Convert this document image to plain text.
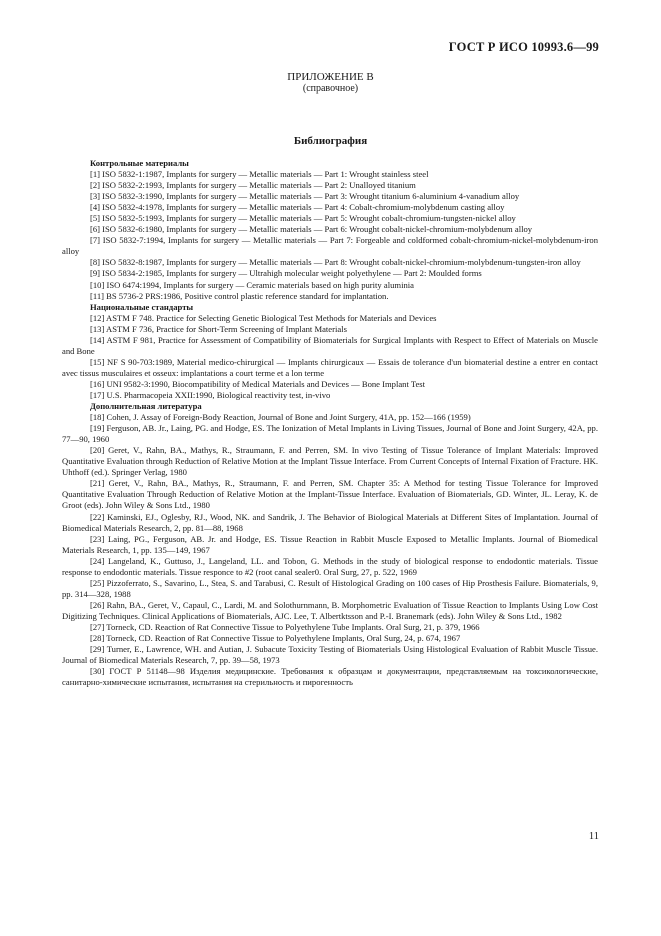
ГОСТ Р ИСО 10993.6—99
ПРИЛОЖЕНИЕ В
(справочное)
Библиография

Контрольные материалы

[1] ISO 5832-1:1987, Implants for surgery — Metallic materials — Part 1: Wrought stainless steel

[2] ISO 5832-2:1993, Implants for surgery — Metallic materials — Part 2: Unalloyed titanium

[3] ISO 5832-3:1990, Implants for surgery — Metallic materials — Part 3: Wrought titanium 6-aluminium 4-vanadium alloy

[4] ISO 5832-4:1978, Implants for surgery — Metallic materials — Part 4: Cobalt-chromium-molybdenum casting alloy

[5] ISO 5832-5:1993, Implants for surgery — Metallic materials — Part 5: Wrought cobalt-chromium-tungsten-nickel alloy

[6] ISO 5832-6:1980, Implants for surgery — Metallic materials — Part 6: Wrought cobalt-nickel-chromium-molybdenum alloy

[7] ISO 5832-7:1994, Implants for surgery — Metallic materials — Part 7: Forgeable and coldformed cobalt-chromium-nickel-molybdenum-iron alloy

[8] ISO 5832-8:1987, Implants for surgery — Metallic materials — Part 8: Wrought cobalt-nickel-chromium-molybdenum-tungsten-iron alloy

[9] ISO 5834-2:1985, Implants for surgery — Ultrahigh molecular weight polyethylene — Part 2: Moulded forms

[10] ISO 6474:1994, Implants for surgery — Ceramic materials based on high purity aluminia

[11] BS 5736-2 PRS:1986, Positive control plastic reference standard for implantation.

Национальные стандарты

[12] ASTM F 748. Practice for Selecting Genetic Biological Test Methods for Materials and Devices

[13] ASTM F 736, Practice for Short-Term Screening of Implant Materials

[14] ASTM F 981, Practice for Assessment of Compatibility of Biomaterials for Surgical Implants with Respect to Effect of Materials on Muscle and Bone

[15] NF S 90-703:1989, Material medico-chirurgical — Implants chirurgicaux — Essais de tolerance d'un biomaterial destine a entrer en contact avec tissus musculaires et osseux: implantations a court terme et a lon terme

[16] UNI 9582-3:1990, Biocompatibility of Medical Materials and Devices — Bone Implant Test

[17] U.S. Pharmacopeia XXII:1990, Biological reactivity test, in-vivo

Дополнительная литература

[18] Cohen, J. Assay of Foreign-Body Reaction, Journal of Bone and Joint Surgery, 41A, pp. 152—166 (1959)

[19] Ferguson, AB. Jr., Laing, PG. and Hodge, ES. The Ionization of Metal Implants in Living Tissues, Journal of Bone and Joint Surgery, 42A, pp. 77—90, 1960

[20] Geret, V., Rahn, BA., Mathys, R., Straumann, F. and Perren, SM. In vivo Testing of Tissue Tolerance of Implant Materials: Improved Quantitative Evaluation through Reduction of Relative Motion at the Implant Tissue Interface. From Current Concepts of Internal Fixation of Fracture. HK. Uhthoff (ed.). Springer Verlag, 1980

[21] Geret, V., Rahn, BA., Mathys, R., Straumann, F. and Perren, SM. Chapter 35: A Method for testing Tissue Tolerance for Improved Quantitative Evaluation Through Reduction of Relative Motion at the Implant-Tissue Interface. Evaluation of Biomaterials, GD. Winter, JL. Leray, K. de Groot (eds). John Wiley & Sons Ltd., 1980

[22] Kaminski, EJ., Oglesby, RJ., Wood, NK. and Sandrik, J. The Behavior of Biological Materials at Different Sites of Implantation. Journal of Biomedical Materials Research, 2, pp. 81—88, 1968

[23] Laing, PG., Ferguson, AB. Jr. and Hodge, ES. Tissue Reaction in Rabbit Muscle Exposed to Metallic Implants. Journal of Biomedical Materials Research, 1, pp. 135—149, 1967

[24] Langeland, K., Guttuso, J., Langeland, LL. and Tobon, G. Methods in the study of biological response to endodontic materials. Tissue response to endodontic materials. Tissue responce to #2 (root canal sealer0. Oral Surg, 27, p. 522, 1969

[25] Pizzoferrato, S., Savarino, L., Stea, S. and Tarabusi, C. Result of Histological Grading on 100 cases of Hip Prosthesis Failure. Biomaterials, 9, pp. 314—328, 1988

[26] Rahn, BA., Geret, V., Capaul, C., Lardi, M. and Solothurnmann, B. Morphometric Evaluation of Tissue Reaction to Implants Using Low Cost Digitizing Techniques. Clinical Applications of Biomaterials, AJC. Lee, T. Albertktsson and P.-I. Branemark (eds). John Wiley & Sons Ltd., 1982

[27] Torneck, CD. Reaction of Rat Connective Tissue to Polyethylene Tube Implants. Oral Surg, 21, p. 379, 1966

[28] Torneck, CD. Reaction of Rat Connective Tissue to Polyethylene Implants, Oral Surg, 24, p. 674, 1967

[29] Turner, E., Lawrence, WH. and Autian, J. Subacute Toxicity Testing of Biomaterials Using Histological Evaluation of Rabbit Muscle Tissue. Journal of Biomedical Materials Research, 7, pp. 39—58, 1973

[30] ГОСТ Р 51148—98 Изделия медицинские. Требования к образцам и документации, представляемым на токсикологические, санитарно-химические испытания, испытания на стерильность и пирогенность

11
